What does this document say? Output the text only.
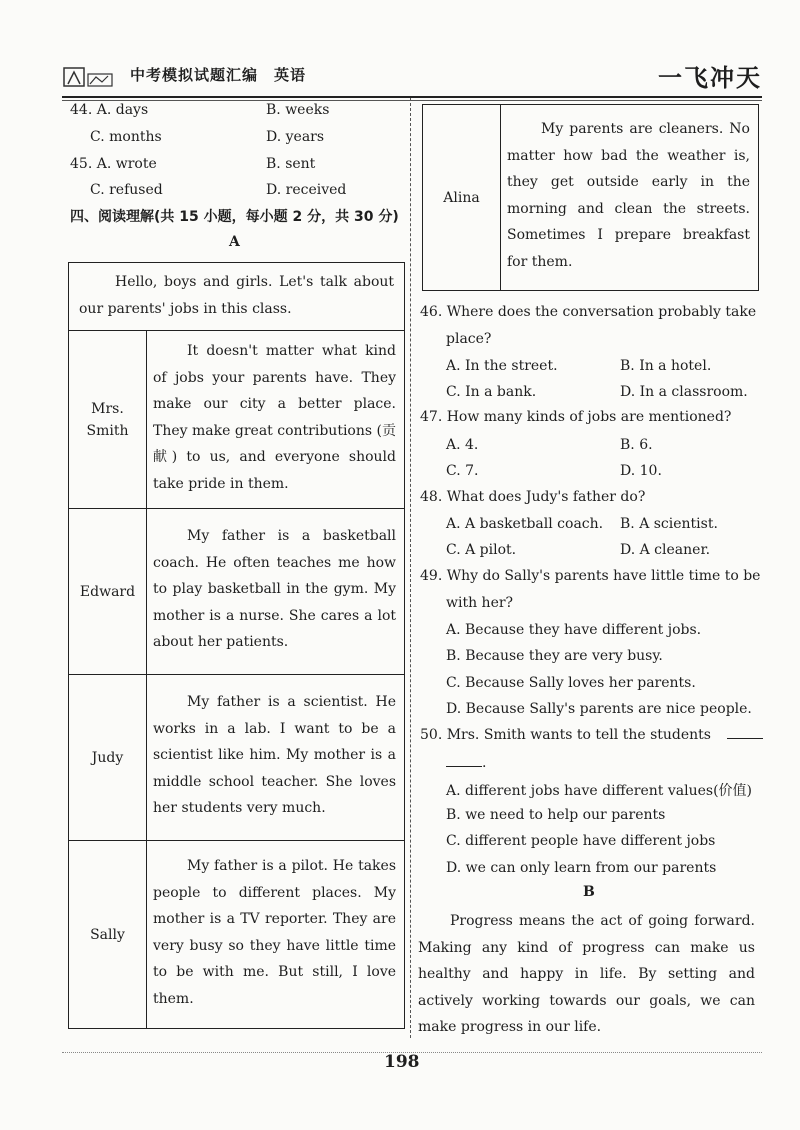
中考模拟试题汇编　英语	一飞冲天
44. A. days	B. weeks
C. months	D. years
45. A. wrote	B. sent
C. refused	D. received
四、阅读理解(共 15 小题，每小题 2 分，共 30 分)
A
Hello, boys and girls. Let's talk about our parents' jobs in this class.	
Mrs. Smith	It doesn't matter what kind of jobs your parents have. They make our city a better place. They make great contributions (贡献) to us, and everyone should take pride in them.
Edward	My father is a basketball coach. He often teaches me how to play basketball in the gym. My mother is a nurse. She cares a lot about her patients.
Judy	My father is a scientist. He works in a lab. I want to be a scientist like him. My mother is a middle school teacher. She loves her students very much.
Sally	My father is a pilot. He takes people to different places. My mother is a TV reporter. They are very busy so they have little time to be with me. But still, I love them.
Alina	My parents are cleaners. No matter how bad the weather is, they get outside early in the morning and clean the streets. Sometimes I prepare breakfast for them.
46. Where does the conversation probably take
place?
A. In the street.	B. In a hotel.
C. In a bank.	D. In a classroom.
47. How many kinds of jobs are mentioned?
A. 4.	B. 6.
C. 7.	D. 10.
48. What does Judy's father do?
A. A basketball coach. B. A scientist.
C. A pilot.	D. A cleaner.
49. Why do Sally's parents have little time to be
with her?
A. Because they have different jobs.
B. Because they are very busy.
C. Because Sally loves her parents.
D. Because Sally's parents are nice people.
50. Mrs. Smith wants to tell the students
.
A. different jobs have different values(价值)
B. we need to help our parents
C. different people have different jobs
D. we can only learn from our parents
B
Progress means the act of going forward. Making any kind of progress can make us healthy and happy in life. By setting and actively working towards our goals, we can make progress in our life.
198
